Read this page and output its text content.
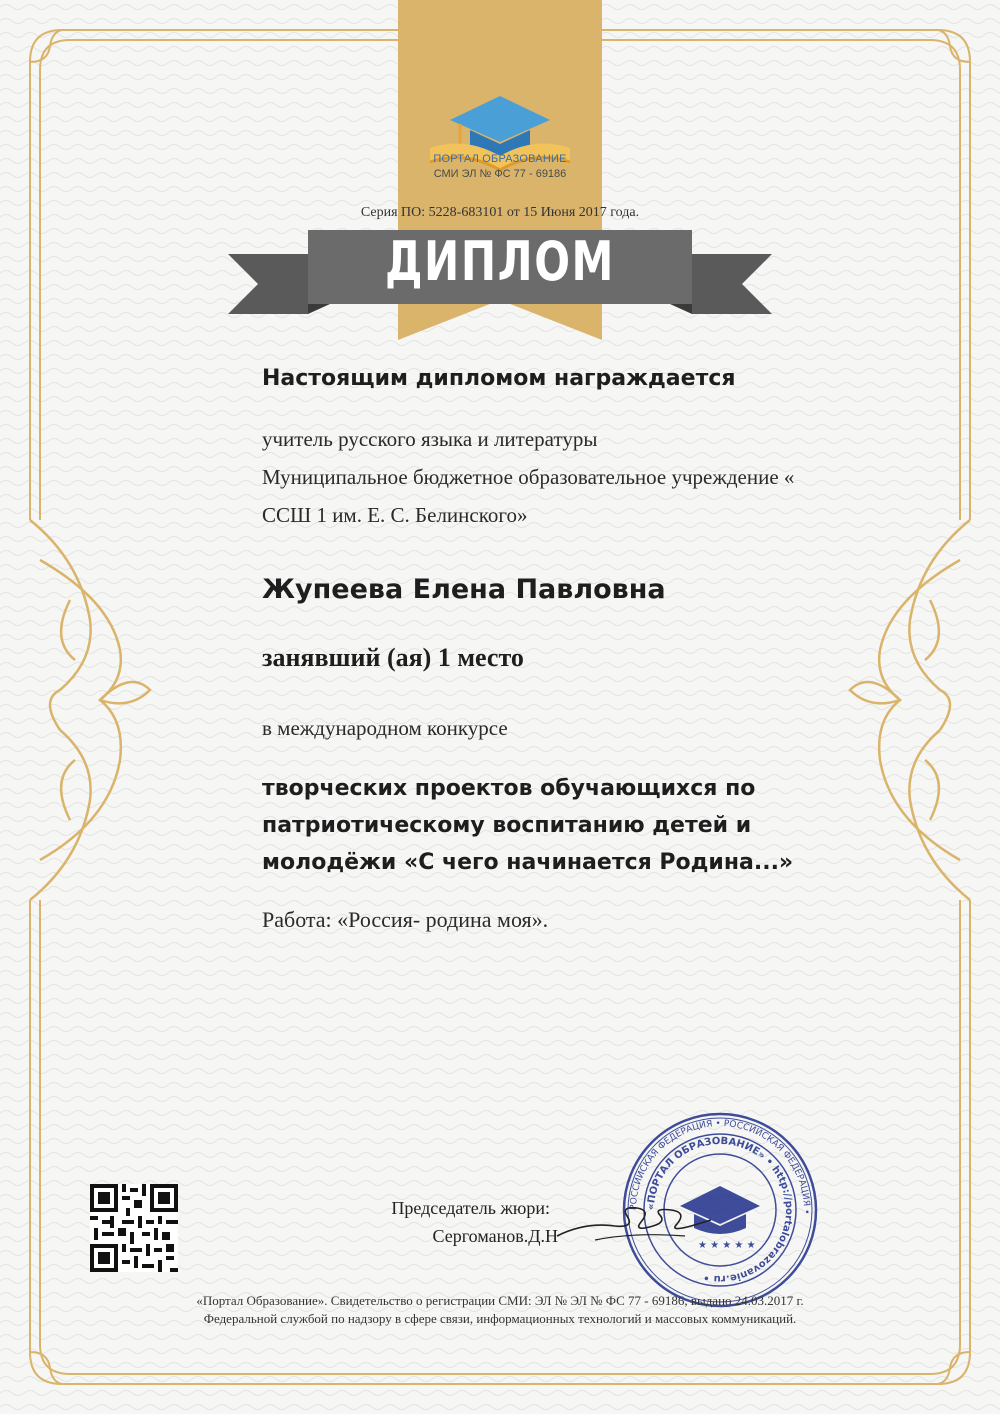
ПОРТАЛ ОБРАЗОВАНИЕ
СМИ ЭЛ № ФС 77 - 69186
Серия ПО: 5228-683101 от 15 Июня 2017 года.
ДИПЛОМ
Настоящим дипломом награждается
учитель русского языка и литературы
Муниципальное бюджетное образовательное учреждение «
ССШ 1 им. Е. С. Белинского»
Жупеева Елена Павловна
занявший (ая) 1 место
в международном конкурсе
творческих проектов обучающихся по
патриотическому воспитанию детей и
молодёжи «С чего начинается Родина...»
Работа: «Россия- родина моя».
Председатель жюри:
Сергоманов.Д.Н
РОССИЙСКАЯ ФЕДЕРАЦИЯ • РОССИЙСКАЯ ФЕДЕРАЦИЯ •
«ПОРТАЛ ОБРАЗОВАНИЕ» • http://portalobrazovanie.ru •
★ ★ ★ ★ ★
«Портал Образование». Свидетельство о регистрации СМИ: ЭЛ № ЭЛ № ФС 77 - 69186, выдано 24.03.2017 г.
Федеральной службой по надзору в сфере связи, информационных технологий и массовых коммуникаций.
